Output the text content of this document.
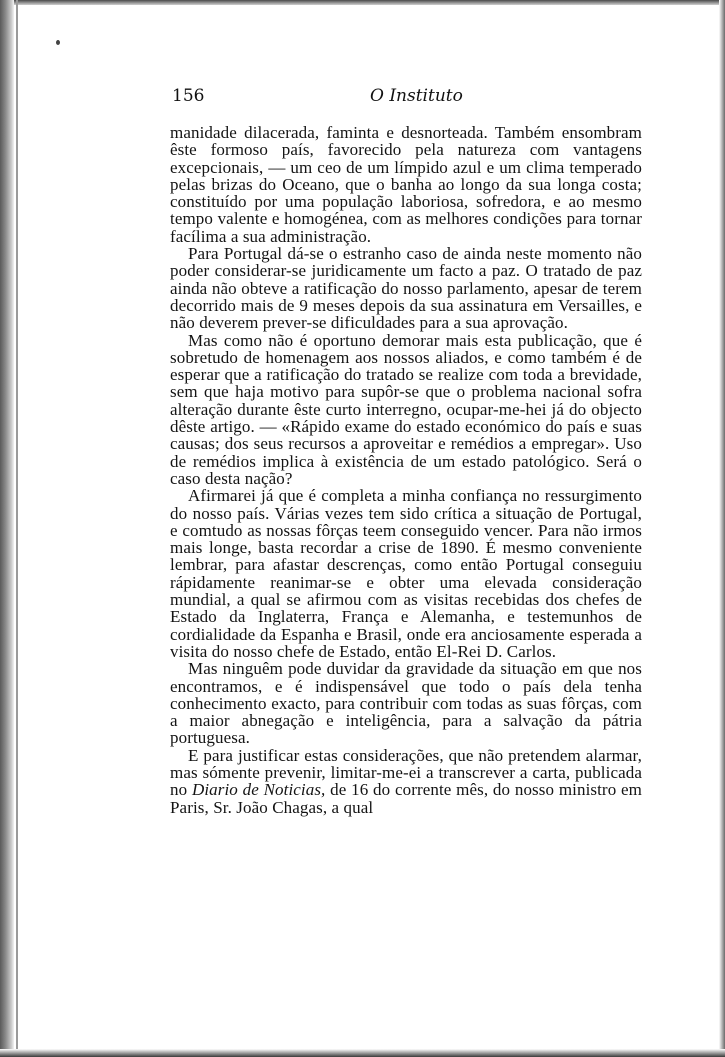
156	O Instituto

manidade dilacerada, faminta e desnorteada. Também ensombram êste formoso país, favorecido pela natureza com vantagens excepcionais, — um ceo de um límpido azul e um clima temperado pelas brizas do Oceano, que o banha ao longo da sua longa costa; constituído por uma população laboriosa, sofredora, e ao mesmo tempo valente e homogénea, com as melhores condições para tornar facílima a sua administração.

Para Portugal dá-se o estranho caso de ainda neste momento não poder considerar-se juridicamente um facto a paz. O tratado de paz ainda não obteve a ratificação do nosso parlamento, apesar de terem decorrido mais de 9 meses depois da sua assinatura em Versailles, e não deverem prever-se dificuldades para a sua aprovação.

Mas como não é oportuno demorar mais esta publicação, que é sobretudo de homenagem aos nossos aliados, e como também é de esperar que a ratificação do tratado se realize com toda a brevidade, sem que haja motivo para supôr-se que o problema nacional sofra alteração durante êste curto interregno, ocupar-me-hei já do objecto dêste artigo. — «Rápido exame do estado económico do país e suas causas; dos seus recursos a aproveitar e remédios a empregar». Uso de remédios implica à existência de um estado patológico. Será o caso desta nação?

Afirmarei já que é completa a minha confiança no ressurgimento do nosso país. Várias vezes tem sido crítica a situação de Portugal, e comtudo as nossas fôrças teem conseguido vencer. Para não irmos mais longe, basta recordar a crise de 1890. É mesmo conveniente lembrar, para afastar descrenças, como então Portugal conseguiu rápidamente reanimar-se e obter uma elevada consideração mundial, a qual se afirmou com as visitas recebidas dos chefes de Estado da Inglaterra, França e Alemanha, e testemunhos de cordialidade da Espanha e Brasil, onde era anciosamente esperada a visita do nosso chefe de Estado, então El-Rei D. Carlos.

Mas ninguêm pode duvidar da gravidade da situação em que nos encontramos, e é indispensável que todo o país dela tenha conhecimento exacto, para contribuir com todas as suas fôrças, com a maior abnegação e inteligência, para a salvação da pátria portuguesa.

E para justificar estas considerações, que não pretendem alarmar, mas sómente prevenir, limitar-me-ei a transcrever a carta, publicada no Diario de Noticias, de 16 do corrente mês, do nosso ministro em Paris, Sr. João Chagas, a qual
